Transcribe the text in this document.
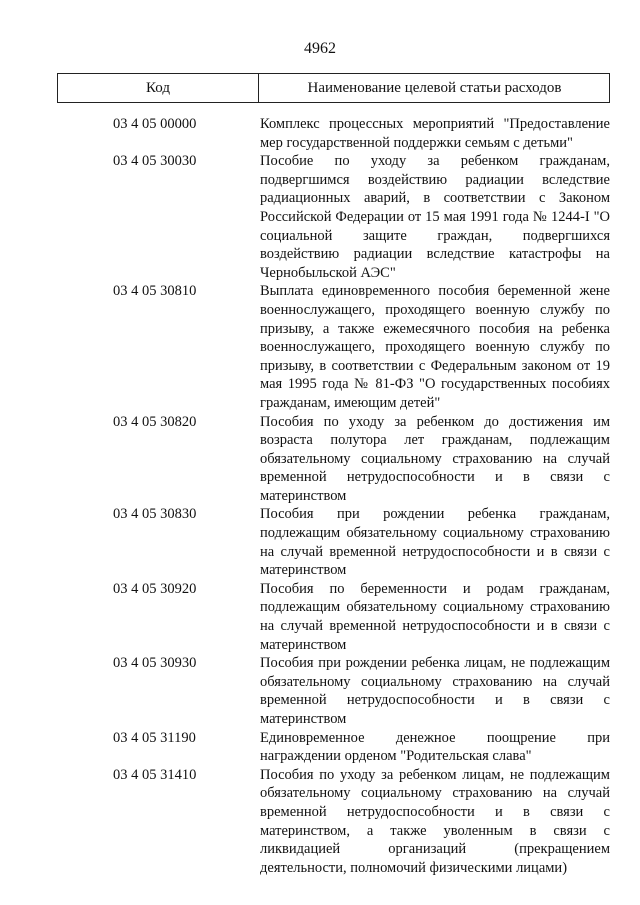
4962
Код	Наименование целевой статьи расходов
03 4 05 00000	Комплекс процессных мероприятий "Предоставление мер государственной поддержки семьям с детьми"
03 4 05 30030	Пособие по уходу за ребенком гражданам, подвергшимся воздействию радиации вследствие радиационных аварий, в соответствии с Законом Российской Федерации от 15 мая 1991 года № 1244-I "О социальной защите граждан, подвергшихся воздействию радиации вследствие катастрофы на Чернобыльской АЭС"
03 4 05 30810	Выплата единовременного пособия беременной жене военнослужащего, проходящего военную службу по призыву, а также ежемесячного пособия на ребенка военнослужащего, проходящего военную службу по призыву, в соответствии с Федеральным законом от 19 мая 1995 года № 81-ФЗ "О государственных пособиях гражданам, имеющим детей"
03 4 05 30820	Пособия по уходу за ребенком до достижения им возраста полутора лет гражданам, подлежащим обязательному социальному страхованию на случай временной нетрудоспособности и в связи с материнством
03 4 05 30830	Пособия при рождении ребенка гражданам, подлежащим обязательному социальному страхованию на случай временной нетрудоспособности и в связи с материнством
03 4 05 30920	Пособия по беременности и родам гражданам, подлежащим обязательному социальному страхованию на случай временной нетрудоспособности и в связи с материнством
03 4 05 30930	Пособия при рождении ребенка лицам, не подлежащим обязательному социальному страхованию на случай временной нетрудоспособности и в связи с материнством
03 4 05 31190	Единовременное денежное поощрение при награждении орденом "Родительская слава"
03 4 05 31410	Пособия по уходу за ребенком лицам, не подлежащим обязательному социальному страхованию на случай временной нетрудоспособности и в связи с материнством, а также уволенным в связи с ликвидацией организаций (прекращением деятельности, полномочий физическими лицами)
